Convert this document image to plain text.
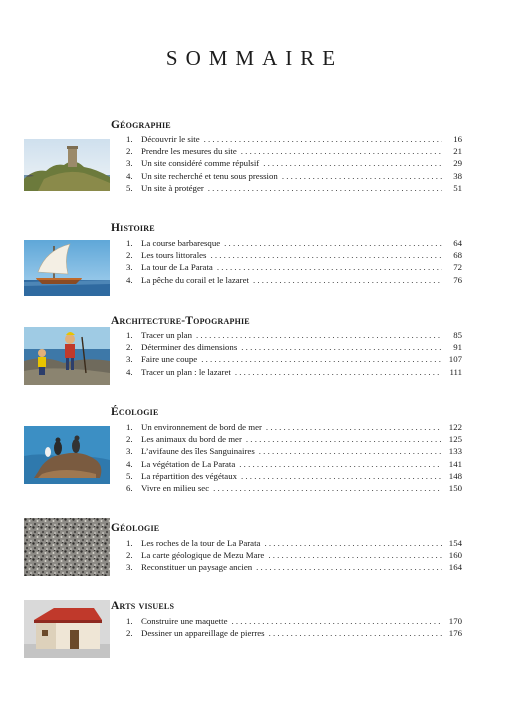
SOMMAIRE
Géographie
1. Découvrir le site . . .	16
2. Prendre les mesures du site . . .	21
3. Un site considéré comme répulsif . . .	29
4. Un site recherché et tenu sous pression . . .	38
5. Un site à protéger . . .	51
Histoire
1. La course barbaresque . . .	64
2. Les tours littorales . . .	68
3. La tour de La Parata . . .	72
4. La pêche du corail et le lazaret . . .	76
Architecture-Topographie
1. Tracer un plan . . .	85
2. Déterminer des dimensions . . .	91
3. Faire une coupe . . .	107
4. Tracer un plan : le lazaret . . .	111
Écologie
1. Un environnement de bord de mer . . .	122
2. Les animaux du bord de mer . . .	125
3. L’avifaune des îles Sanguinaires . . .	133
4. La végétation de La Parata . . .	141
5. La répartition des végétaux . . .	148
6. Vivre en milieu sec . . .	150
Géologie
1. Les roches de la tour de La Parata . . .	154
2. La carte géologique de Mezu Mare . . .	160
3. Reconstituer un paysage ancien . . .	164
Arts visuels
1. Construire une maquette . . .	170
2. Dessiner un appareillage de pierres . . .	176
